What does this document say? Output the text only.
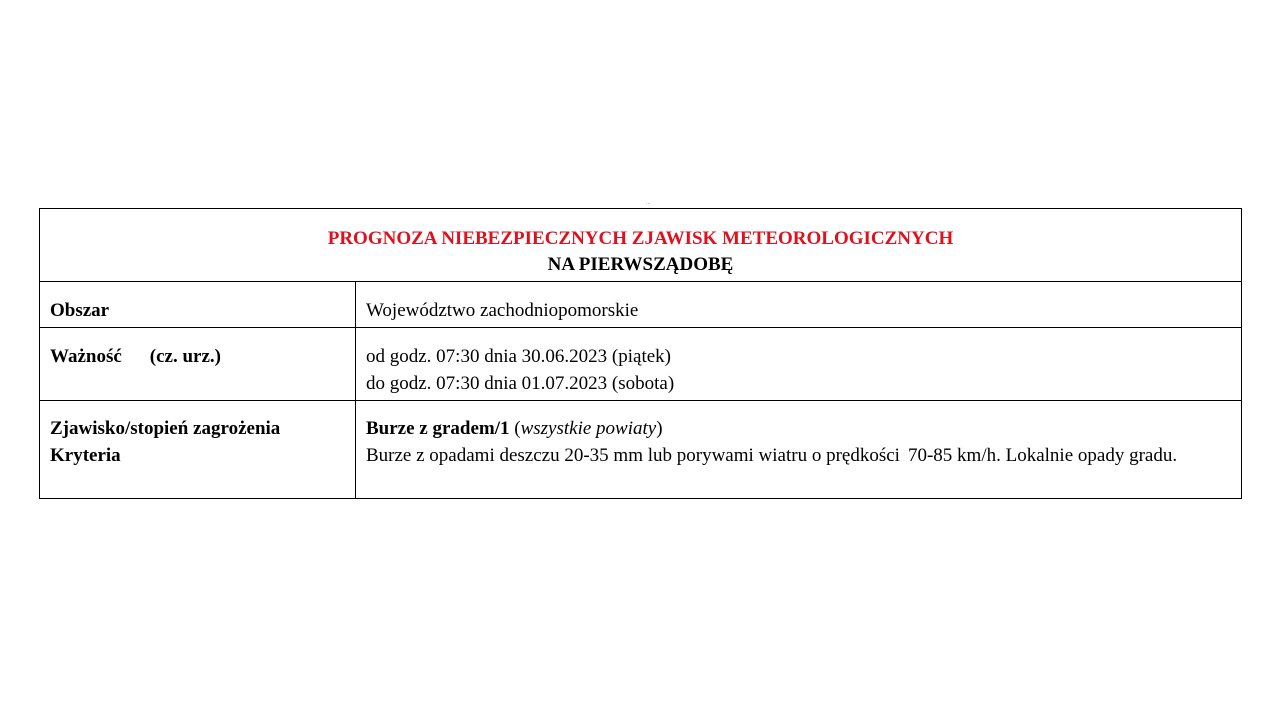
...
PROGNOZA NIEBEZPIECZNYCH ZJAWISK METEOROLOGICZNYCH
NA PIERWSZĄDOBĘ
Obszar	Województwo zachodniopomorskie
Ważność (cz. urz.)	od godz. 07:30 dnia 30.06.2023 (piątek)
do godz. 07:30 dnia 01.07.2023 (sobota)
Zjawisko/stopień zagrożenia
Kryteria
Burze z gradem/1 (wszystkie powiaty)
Burze z opadami deszczu 20-35 mm lub porywami wiatru o prędkości 70-85 km/h. Lokalnie opady gradu.
